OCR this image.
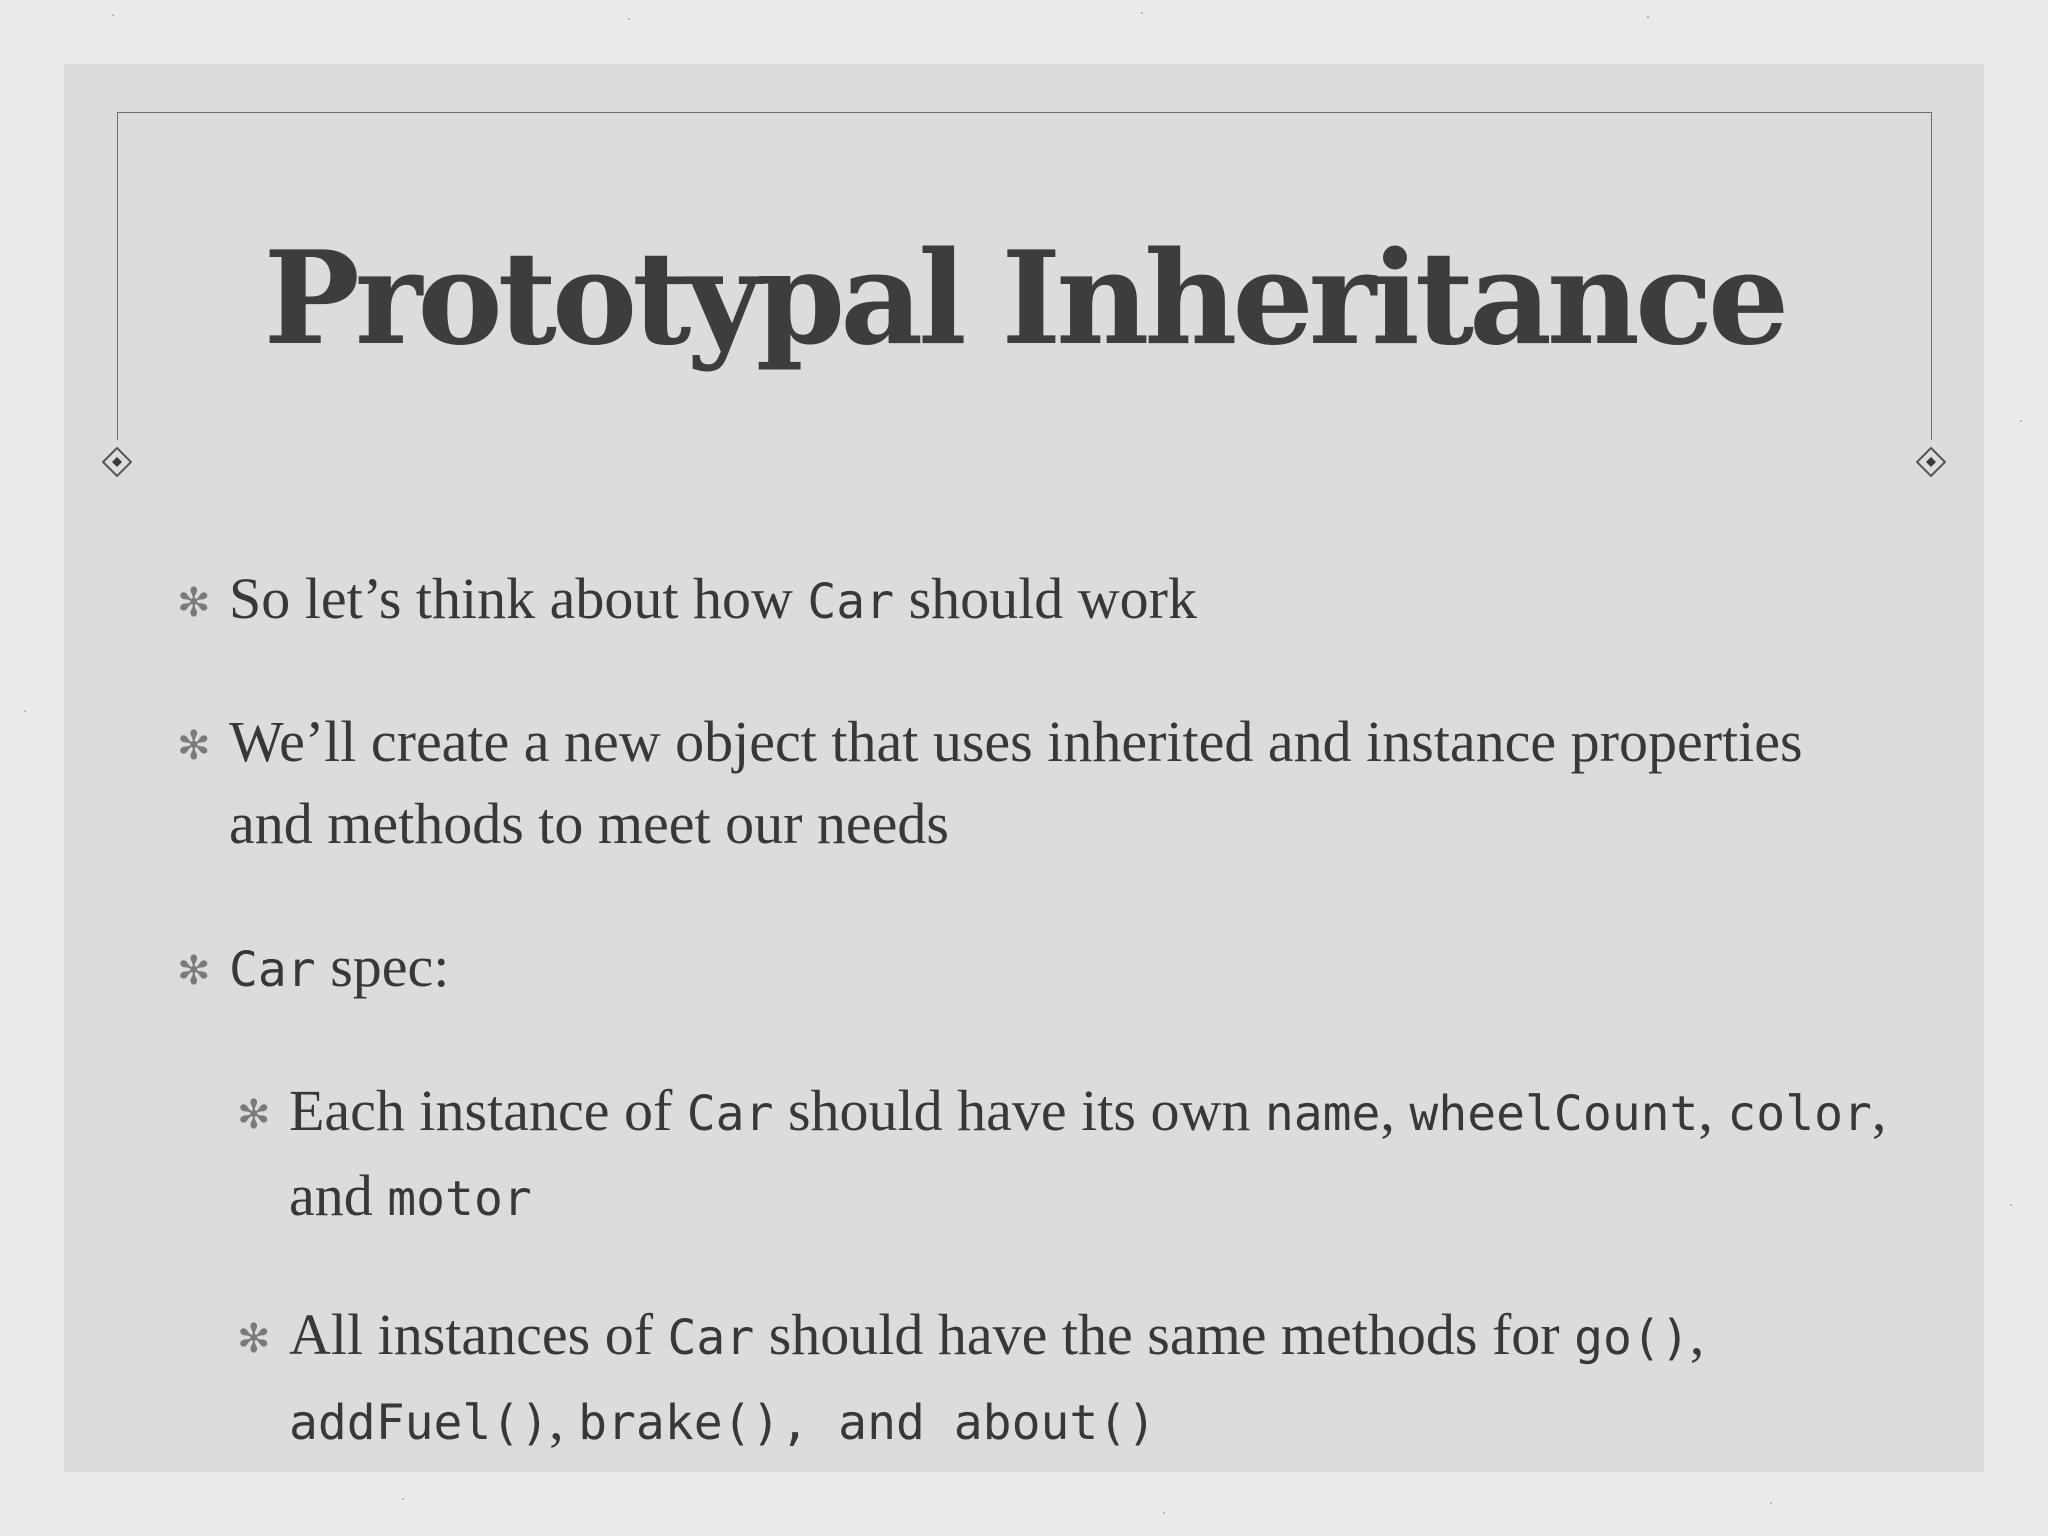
Prototypal Inheritance

✻ So let’s think about how Car should work

✻ We’ll create a new object that uses inherited and instance properties and methods to meet our needs

✻ Car spec:

✻ Each instance of Car should have its own name, wheelCount, color, and motor

✻ All instances of Car should have the same methods for go(), addFuel(), brake(), and about()
